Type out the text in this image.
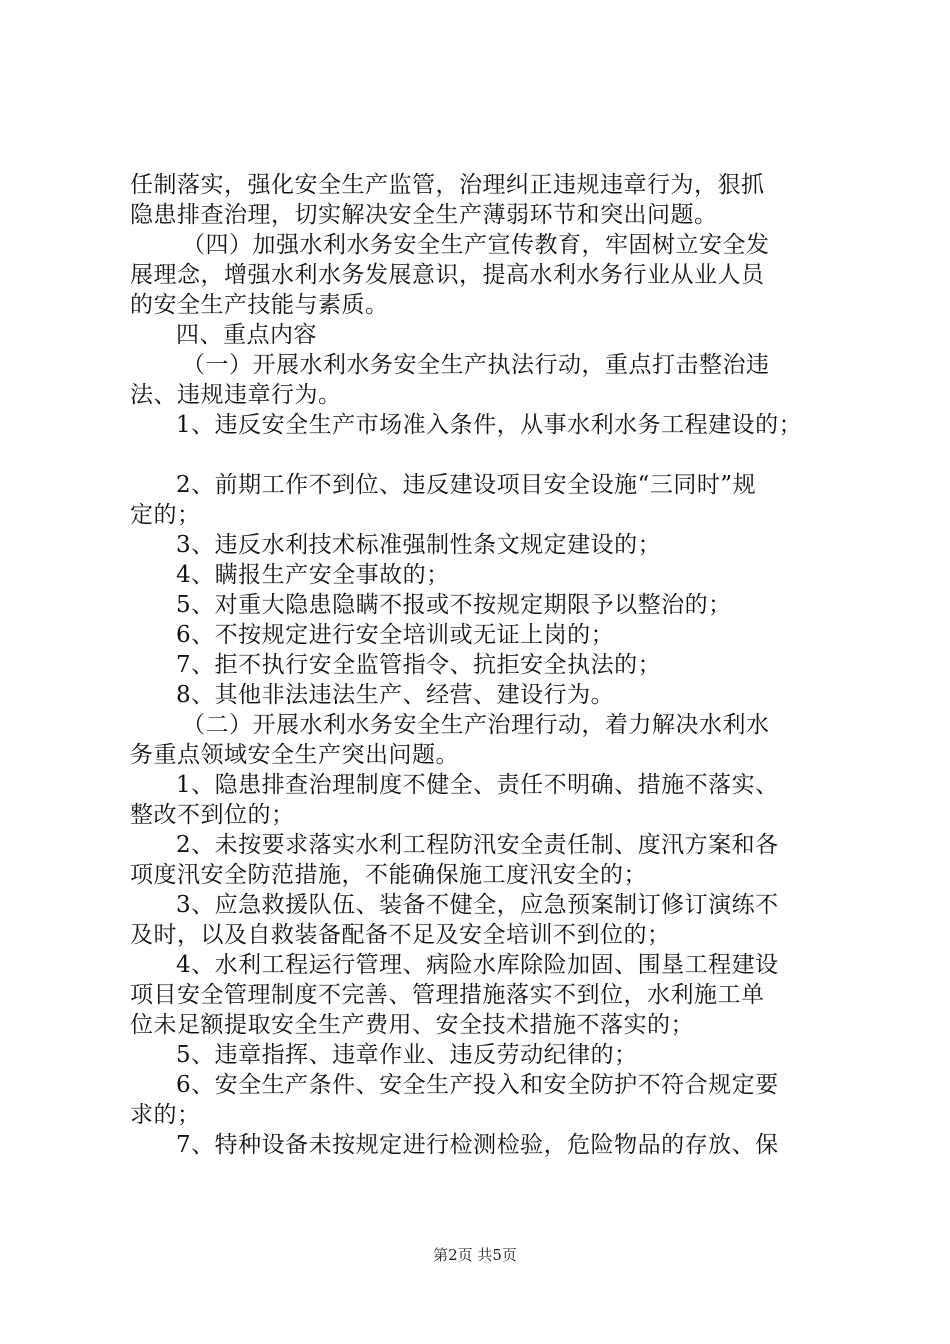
任制落实，强化安全生产监管，治理纠正违规违章行为，狠抓
隐患排查治理，切实解决安全生产薄弱环节和突出问题。
（四）加强水利水务安全生产宣传教育，牢固树立安全发
展理念，增强水利水务发展意识，提高水利水务行业从业人员
的安全生产技能与素质。
四、重点内容
（一）开展水利水务安全生产执法行动，重点打击整治违
法、违规违章行为。
1、违反安全生产市场准入条件，从事水利水务工程建设的；
2、前期工作不到位、违反建设项目安全设施“三同时”规
定的；
3、违反水利技术标准强制性条文规定建设的；
4、瞒报生产安全事故的；
5、对重大隐患隐瞒不报或不按规定期限予以整治的；
6、不按规定进行安全培训或无证上岗的；
7、拒不执行安全监管指令、抗拒安全执法的；
8、其他非法违法生产、经营、建设行为。
（二）开展水利水务安全生产治理行动，着力解决水利水
务重点领域安全生产突出问题。
1、隐患排查治理制度不健全、责任不明确、措施不落实、
整改不到位的；
2、未按要求落实水利工程防汛安全责任制、度汛方案和各
项度汛安全防范措施，不能确保施工度汛安全的；
3、应急救援队伍、装备不健全，应急预案制订修订演练不
及时，以及自救装备配备不足及安全培训不到位的；
4、水利工程运行管理、病险水库除险加固、围垦工程建设
项目安全管理制度不完善、管理措施落实不到位，水利施工单
位未足额提取安全生产费用、安全技术措施不落实的；
5、违章指挥、违章作业、违反劳动纪律的；
6、安全生产条件、安全生产投入和安全防护不符合规定要
求的；
7、特种设备未按规定进行检测检验，危险物品的存放、保
第2页 共5页
